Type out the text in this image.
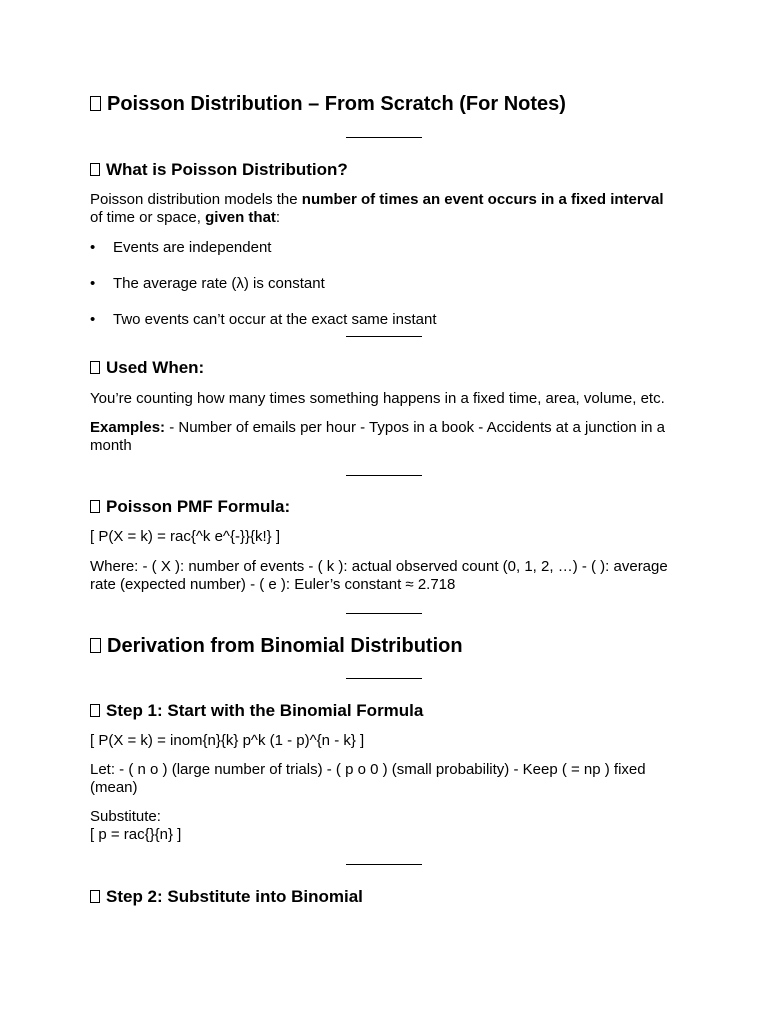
Poisson Distribution – From Scratch (For Notes)
What is Poisson Distribution?

Poisson distribution models the number of times an event occurs in a fixed interval of time or space, given that:

• Events are independent
• The average rate (λ) is constant
• Two events can’t occur at the exact same instant
Used When:

You’re counting how many times something happens in a fixed time, area, volume, etc.

Examples: - Number of emails per hour - Typos in a book - Accidents at a junction in a month

Poisson PMF Formula:

[ P(X = k) = rac{^k e^{-}}{k!} ]

Where: - ( X ): number of events - ( k ): actual observed count (0, 1, 2, …) - ( ): average rate (expected number) - ( e ): Euler’s constant ≈ 2.718

Derivation from Binomial Distribution
Step 1: Start with the Binomial Formula

[ P(X = k) = inom{n}{k} p^k (1 - p)^{n - k} ]

Let: - ( n o ) (large number of trials) - ( p o 0 ) (small probability) - Keep ( = np ) fixed (mean)

Substitute:
[ p = rac{}{n} ]

Step 2: Substitute into Binomial
